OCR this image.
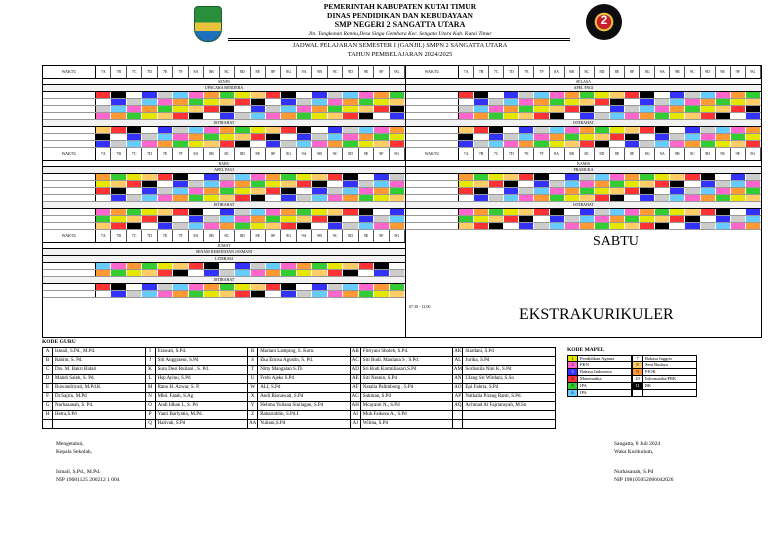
2
PEMERINTAH KABUPATEN KUTAI TIMUR
DINAS PENDIDIKAN DAN KEBUDAYAAN
SMP NEGERI 2 SANGATTA UTARA
Jln. Tongkonan Rannu,Desa Singa Gembara Kec. Sengata Utara Kab. Kutai Timur
JADWAL PELAJARAN SEMESTER I (GANJIL) SMPN 2 SANGATTA UTARA
TAHUN PEMBELAJARAN 2024/2025
WAKTU	7A	7B	7C	7D	7E	7F	8A	8B	8C	8D	8E	8F	8G	9A	9B	9C	9D	9E	9F	9G
SENIN
UPACARA BENDERA
ISTIRAHAT
WAKTU	7A	7B	7C	7D	7E	7F	8A	8B	8C	8D	8E	8F	8G	9A	9B	9C	9D	9E	9F	9G
RABU
APEL PAGI
ISTIRAHAT
WAKTU	7A	7B	7C	7D	7E	7F	8A	8B	8C	8D	8E	8F	8G	9A	9B	9C	9D	9E	9F	9G
JUMAT
SENAM KESEHATAN JASMANI
LITERASI
ISTIRAHAT
WAKTU	7A	7B	7C	7D	7E	7F	8A	8B	8C	8D	8E	8F	8G	9A	9B	9C	9D	9E	9F	9G
SELASA
APEL PAGI
ISTIRAHAT
WAKTU	7A	7B	7C	7D	7E	7F	8A	8B	8C	8D	8E	8F	8G	9A	9B	9C	9D	9E	9F	9G
KAMIS
PRAMUKA
ISTIRAHAT
SABTU
07.30 - 12.00	EKSTRAKURIKULER
KODE GURU
A	Ismail, S.Pd., M.Pd.	I	Erawati, S.Pd.	R	Mariani Lamping, S. Kom.	AB Fitriyani Sholeh, S.Pd.	AK Siardani, S.Pd
B	Rahim, S. Pd.	J	Siti Anggraeni, S.Pd	S	Eka Ernisa Agustin, S. Pd.	AC Siti Budi. Maulana S , S.Pd.	AL Juriha, S.Pd
C	Drs. M. Bakri Bidari	K	Suru Desi Ruliani , S. Pd.	T	Nitty Mangalan S.Th	AD Sri Budi Karmiliasari,S.Pd	AM Sorlisnila Nini K, S.Pd
D	Mahdi Saleh, S. Pd.	L	Hsp Ayinu, S.Pd	U	Frebi Ajeks S.Pd	AE Siti Nesnin, S.Pd	AN Ulang Sri Wirdani, S.Sn
E	Ruwandriyati, M.Pd.K	M	Rano H. Azwar, S. P.	W	ALI, S.Pd	AF Natalia Palimbong , S.Pd	AO Epi Fabria, S.Pd
F	Dr.Sajrin, M.Pd	N	Mhd. Fatah, S.Ag	X	Andi Risnawati, S.Pd	AG Sukman, S.Pd	AP Nathalia Pirang Ranti, S.Pd.
G	Nurhasanah, S. Pd.	O	Andi Idhan L, S. Pd	Y	Helima Yuliana Sinilagan, S.Pd	AH Mcayanti N., S.Pd	AQ Achmad Al Fajriansyah, M.Sn
H	Hetra,S.Pd	P	Yanti Barlyatin, M.Pd.	Z	Baharuddin, S.Pd.I	AI Muh.Faikeza A., S.Pd
Q	Halivah, S.Pd	AA Yuliani,S.Pd	AJ Wilma, S.Pd
KODE MAPEL
1	Pendidikan Agama	7	Bahasa Inggris
2	PKN	8	Seni Budaya
3	Bahasa Indonesia	9	PJOK
4	Matematika	10	Informatika/PRK
5	IPA	11	BK
6	IPS
Mengetahui,
Kepala Sekolah,
Ismail, S.Pd., M.Pd.
NIP 19681125 200212 1 004
Sangatta, 8 Juli 2024
Waka Kurikulum,
Nurhasanah, S.Pd
NIP 198105052006042026
